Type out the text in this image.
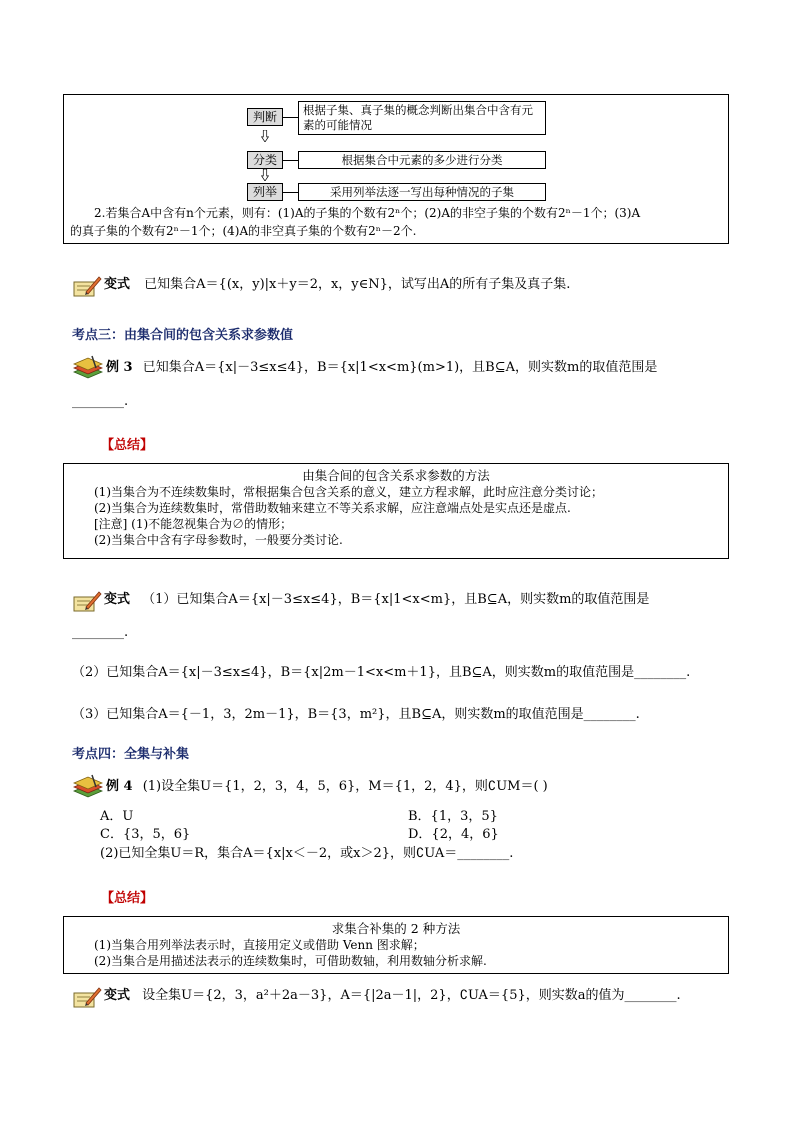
判断	根据子集、真子集的概念判断出集合中含有元
素的可能情况
分类	根据集合中元素的多少进行分类
列举	采用列举法逐一写出每种情况的子集
2.若集合A中含有n个元素，则有：(1)A的子集的个数有2ⁿ个；(2)A的非空子集的个数有2ⁿ－1个；(3)A
的真子集的个数有2ⁿ－1个；(4)A的非空真子集的个数有2ⁿ－2个.
变式 已知集合A＝{(x，y)|x＋y＝2，x，y∈N}，试写出A的所有子集及真子集.
考点三：由集合间的包含关系求参数值
例 3 已知集合A＝{x|－3≤x≤4}，B＝{x|1<x<m}(m>1)，且B⊆A，则实数m的取值范围是
________.
【总结】
由集合间的包含关系求参数的方法
(1)当集合为不连续数集时，常根据集合包含关系的意义，建立方程求解，此时应注意分类讨论；
(2)当集合为连续数集时，常借助数轴来建立不等关系求解，应注意端点处是实点还是虚点.
[注意] (1)不能忽视集合为∅的情形；
(2)当集合中含有字母参数时，一般要分类讨论.
变式 （1）已知集合A＝{x|－3≤x≤4}，B＝{x|1<x<m}，且B⊆A，则实数m的取值范围是
________.
（2）已知集合A＝{x|－3≤x≤4}，B＝{x|2m－1<x<m＋1}，且B⊆A，则实数m的取值范围是________.
（3）已知集合A＝{－1，3，2m－1}，B＝{3，m²}，且B⊆A，则实数m的取值范围是________.
考点四：全集与补集
例 4 (1)设全集U＝{1，2，3，4，5，6}，M＝{1，2，4}，则∁UM＝( )
A．U	B．{1，3，5}
C．{3，5，6}	D．{2，4，6}
(2)已知全集U＝R，集合A＝{x|x＜－2，或x＞2}，则∁UA＝________.
【总结】
求集合补集的 2 种方法
(1)当集合用列举法表示时，直接用定义或借助 Venn 图求解；
(2)当集合是用描述法表示的连续数集时，可借助数轴，利用数轴分析求解.
变式 设全集U＝{2，3，a²＋2a－3}，A＝{|2a－1|，2}，∁UA＝{5}，则实数a的值为________.
